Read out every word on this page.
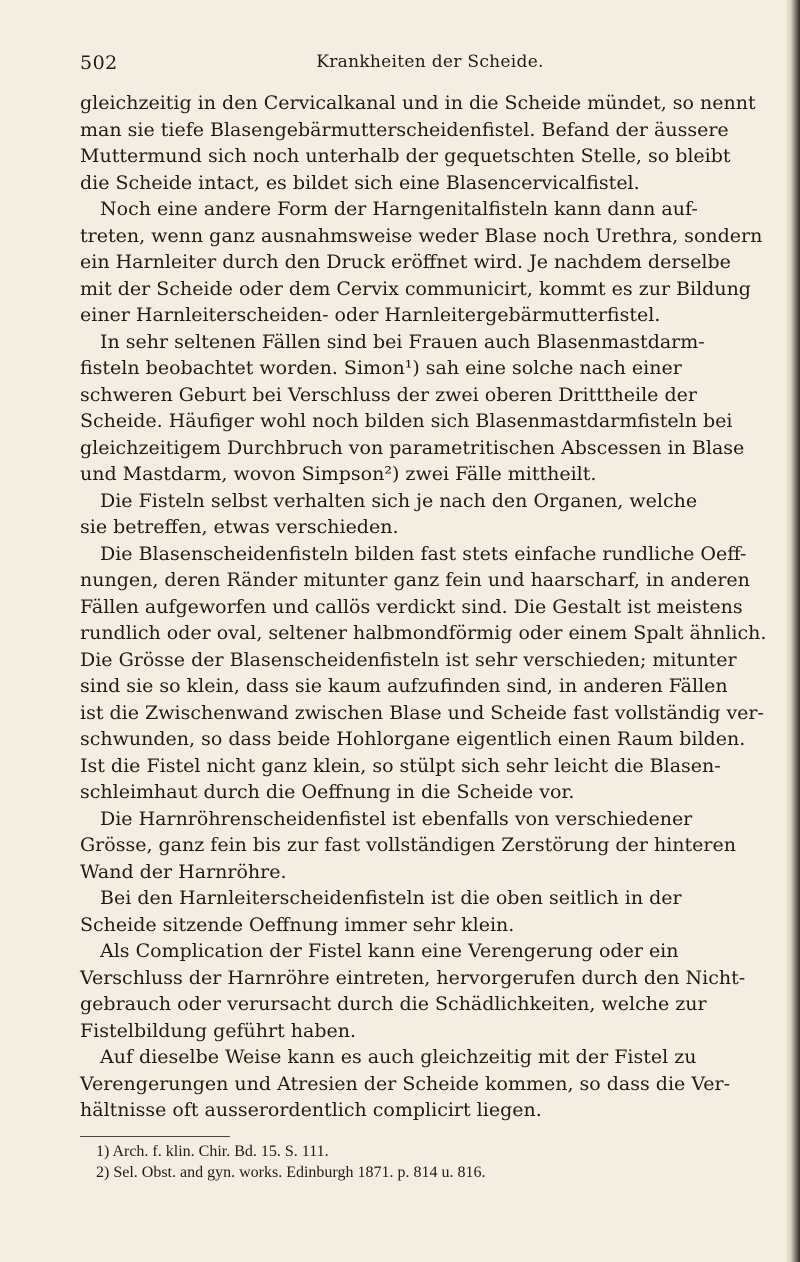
502	Krankheiten der Scheide.
gleichzeitig in den Cervicalkanal und in die Scheide mündet, so nennt
man sie tiefe Blasengebärmutterscheidenfistel. Befand der äussere
Muttermund sich noch unterhalb der gequetschten Stelle, so bleibt
die Scheide intact, es bildet sich eine Blasencervicalfistel.
Noch eine andere Form der Harngenitalfisteln kann dann auf-
treten, wenn ganz ausnahmsweise weder Blase noch Urethra, sondern
ein Harnleiter durch den Druck eröffnet wird. Je nachdem derselbe
mit der Scheide oder dem Cervix communicirt, kommt es zur Bildung
einer Harnleiterscheiden- oder Harnleitergebärmutterfistel.
In sehr seltenen Fällen sind bei Frauen auch Blasenmastdarm-
fisteln beobachtet worden. Simon¹) sah eine solche nach einer
schweren Geburt bei Verschluss der zwei oberen Dritttheile der
Scheide. Häufiger wohl noch bilden sich Blasenmastdarmfisteln bei
gleichzeitigem Durchbruch von parametritischen Abscessen in Blase
und Mastdarm, wovon Simpson²) zwei Fälle mittheilt.
Die Fisteln selbst verhalten sich je nach den Organen, welche
sie betreffen, etwas verschieden.
Die Blasenscheidenfisteln bilden fast stets einfache rundliche Oeff-
nungen, deren Ränder mitunter ganz fein und haarscharf, in anderen
Fällen aufgeworfen und callös verdickt sind. Die Gestalt ist meistens
rundlich oder oval, seltener halbmondförmig oder einem Spalt ähnlich.
Die Grösse der Blasenscheidenfisteln ist sehr verschieden; mitunter
sind sie so klein, dass sie kaum aufzufinden sind, in anderen Fällen
ist die Zwischenwand zwischen Blase und Scheide fast vollständig ver-
schwunden, so dass beide Hohlorgane eigentlich einen Raum bilden.
Ist die Fistel nicht ganz klein, so stülpt sich sehr leicht die Blasen-
schleimhaut durch die Oeffnung in die Scheide vor.
Die Harnröhrenscheidenfistel ist ebenfalls von verschiedener
Grösse, ganz fein bis zur fast vollständigen Zerstörung der hinteren
Wand der Harnröhre.
Bei den Harnleiterscheidenfisteln ist die oben seitlich in der
Scheide sitzende Oeffnung immer sehr klein.
Als Complication der Fistel kann eine Verengerung oder ein
Verschluss der Harnröhre eintreten, hervorgerufen durch den Nicht-
gebrauch oder verursacht durch die Schädlichkeiten, welche zur
Fistelbildung geführt haben.
Auf dieselbe Weise kann es auch gleichzeitig mit der Fistel zu
Verengerungen und Atresien der Scheide kommen, so dass die Ver-
hältnisse oft ausserordentlich complicirt liegen.
1) Arch. f. klin. Chir. Bd. 15. S. 111.
2) Sel. Obst. and gyn. works. Edinburgh 1871. p. 814 u. 816.
